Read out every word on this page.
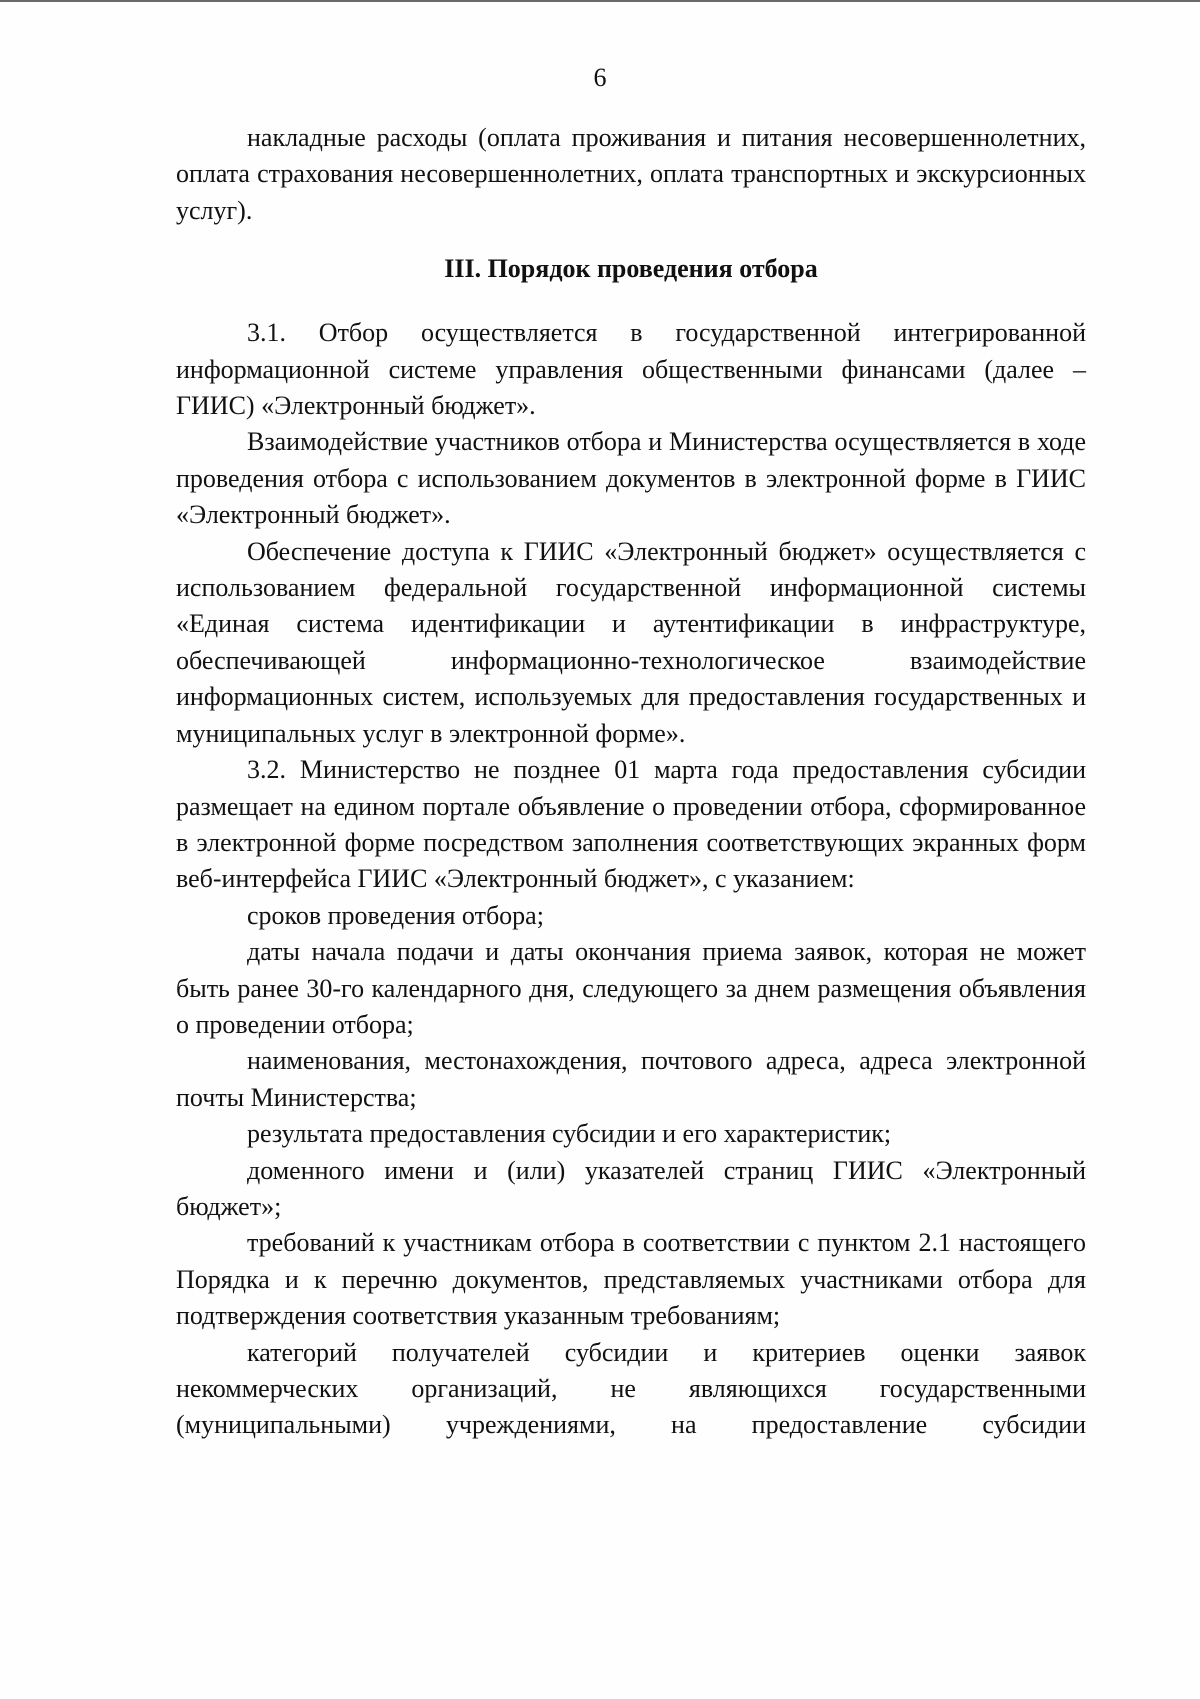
6

накладные расходы (оплата проживания и питания несовершеннолетних, оплата страхования несовершеннолетних, оплата транспортных и экскурсионных услуг).

III. Порядок проведения отбора

3.1. Отбор осуществляется в государственной интегрированной информационной системе управления общественными финансами (далее – ГИИС) «Электронный бюджет».

Взаимодействие участников отбора и Министерства осуществляется в ходе проведения отбора с использованием документов в электронной форме в ГИИС «Электронный бюджет».

Обеспечение доступа к ГИИС «Электронный бюджет» осуществляется с использованием федеральной государственной информационной системы «Единая система идентификации и аутентификации в инфраструктуре, обеспечивающей информационно-технологическое взаимодействие информационных систем, используемых для предоставления государственных и муниципальных услуг в электронной форме».

3.2. Министерство не позднее 01 марта года предоставления субсидии размещает на едином портале объявление о проведении отбора, сформированное в электронной форме посредством заполнения соответствующих экранных форм веб-интерфейса ГИИС «Электронный бюджет», с указанием:

сроков проведения отбора;

даты начала подачи и даты окончания приема заявок, которая не может быть ранее 30-го календарного дня, следующего за днем размещения объявления о проведении отбора;

наименования, местонахождения, почтового адреса, адреса электронной почты Министерства;

результата предоставления субсидии и его характеристик;

доменного имени и (или) указателей страниц ГИИС «Электронный бюджет»;

требований к участникам отбора в соответствии с пунктом 2.1 настоящего Порядка и к перечню документов, представляемых участниками отбора для подтверждения соответствия указанным требованиям;

категорий получателей субсидии и критериев оценки заявок некоммерческих организаций, не являющихся государственными (муниципальными) учреждениями, на предоставление субсидии
